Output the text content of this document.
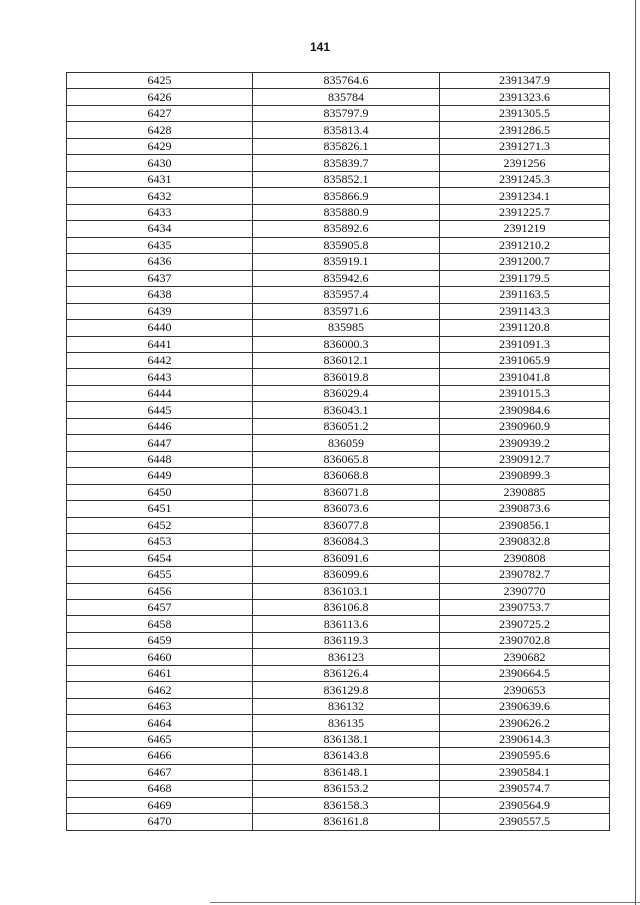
141
6425	835764.6	2391347.9
6426	835784	2391323.6
6427	835797.9	2391305.5
6428	835813.4	2391286.5
6429	835826.1	2391271.3
6430	835839.7	2391256
6431	835852.1	2391245.3
6432	835866.9	2391234.1
6433	835880.9	2391225.7
6434	835892.6	2391219
6435	835905.8	2391210.2
6436	835919.1	2391200.7
6437	835942.6	2391179.5
6438	835957.4	2391163.5
6439	835971.6	2391143.3
6440	835985	2391120.8
6441	836000.3	2391091.3
6442	836012.1	2391065.9
6443	836019.8	2391041.8
6444	836029.4	2391015.3
6445	836043.1	2390984.6
6446	836051.2	2390960.9
6447	836059	2390939.2
6448	836065.8	2390912.7
6449	836068.8	2390899.3
6450	836071.8	2390885
6451	836073.6	2390873.6
6452	836077.8	2390856.1
6453	836084.3	2390832.8
6454	836091.6	2390808
6455	836099.6	2390782.7
6456	836103.1	2390770
6457	836106.8	2390753.7
6458	836113.6	2390725.2
6459	836119.3	2390702.8
6460	836123	2390682
6461	836126.4	2390664.5
6462	836129.8	2390653
6463	836132	2390639.6
6464	836135	2390626.2
6465	836138.1	2390614.3
6466	836143.8	2390595.6
6467	836148.1	2390584.1
6468	836153.2	2390574.7
6469	836158.3	2390564.9
6470	836161.8	2390557.5
